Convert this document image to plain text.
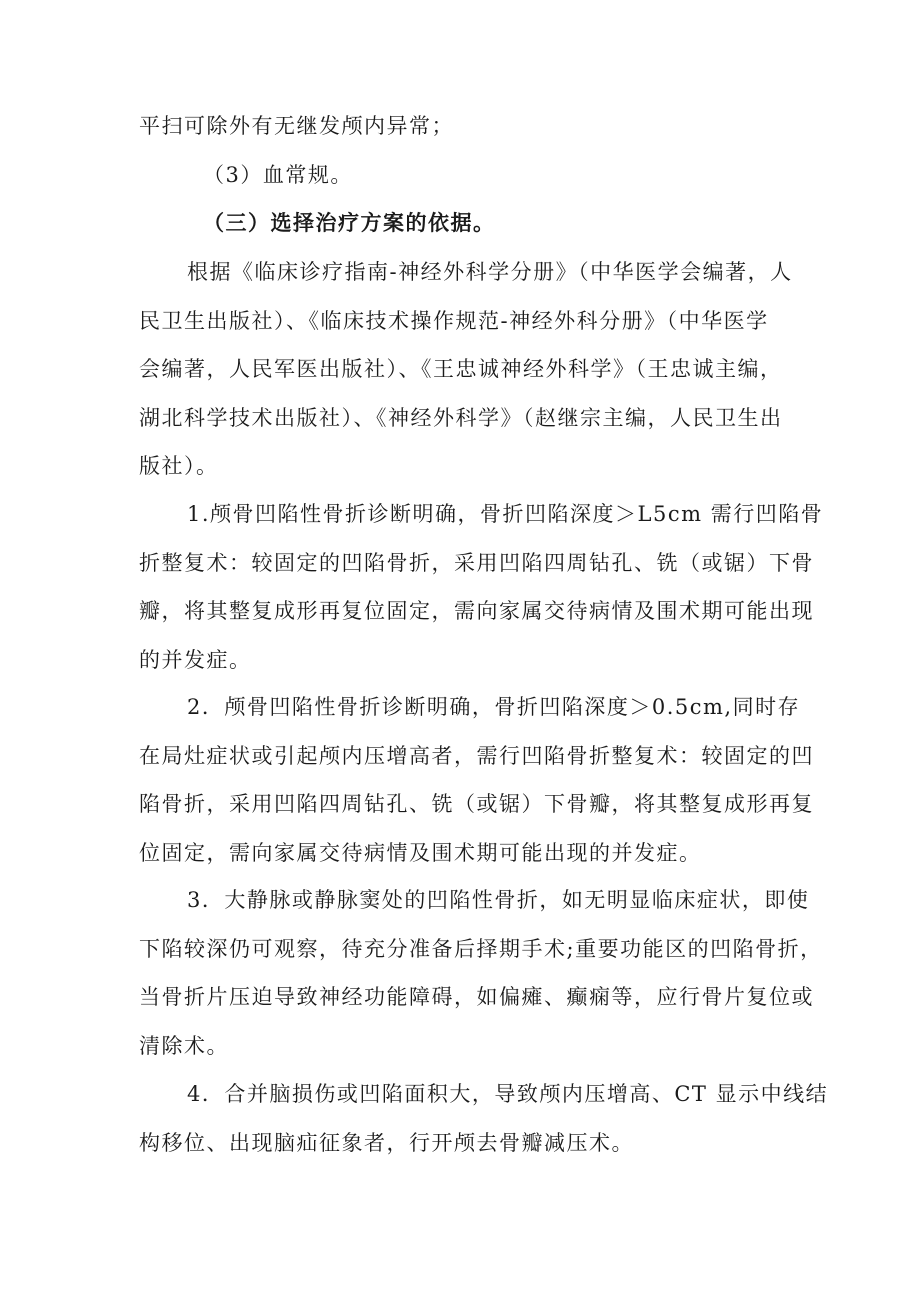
平扫可除外有无继发颅内异常；
（3）血常规。
（三）选择治疗方案的依据。
根据《临床诊疗指南-神经外科学分册》（中华医学会编著，人
民卫生出版社）、《临床技术操作规范-神经外科分册》（中华医学
会编著，人民军医出版社）、《王忠诚神经外科学》（王忠诚主编，
湖北科学技术出版社）、《神经外科学》（赵继宗主编，人民卫生出
版社）。
1.颅骨凹陷性骨折诊断明确，骨折凹陷深度＞L5cm 需行凹陷骨
折整复术：较固定的凹陷骨折，采用凹陷四周钻孔、铣（或锯）下骨
瓣，将其整复成形再复位固定，需向家属交待病情及围术期可能出现
的并发症。
2．颅骨凹陷性骨折诊断明确，骨折凹陷深度＞0.5cm,同时存
在局灶症状或引起颅内压增高者，需行凹陷骨折整复术：较固定的凹
陷骨折，采用凹陷四周钻孔、铣（或锯）下骨瓣，将其整复成形再复
位固定，需向家属交待病情及围术期可能出现的并发症。
3．大静脉或静脉窦处的凹陷性骨折，如无明显临床症状，即使
下陷较深仍可观察，待充分准备后择期手术;重要功能区的凹陷骨折，
当骨折片压迫导致神经功能障碍，如偏瘫、癫痫等，应行骨片复位或
清除术。
4．合并脑损伤或凹陷面积大，导致颅内压增高、CT 显示中线结
构移位、出现脑疝征象者，行开颅去骨瓣减压术。
